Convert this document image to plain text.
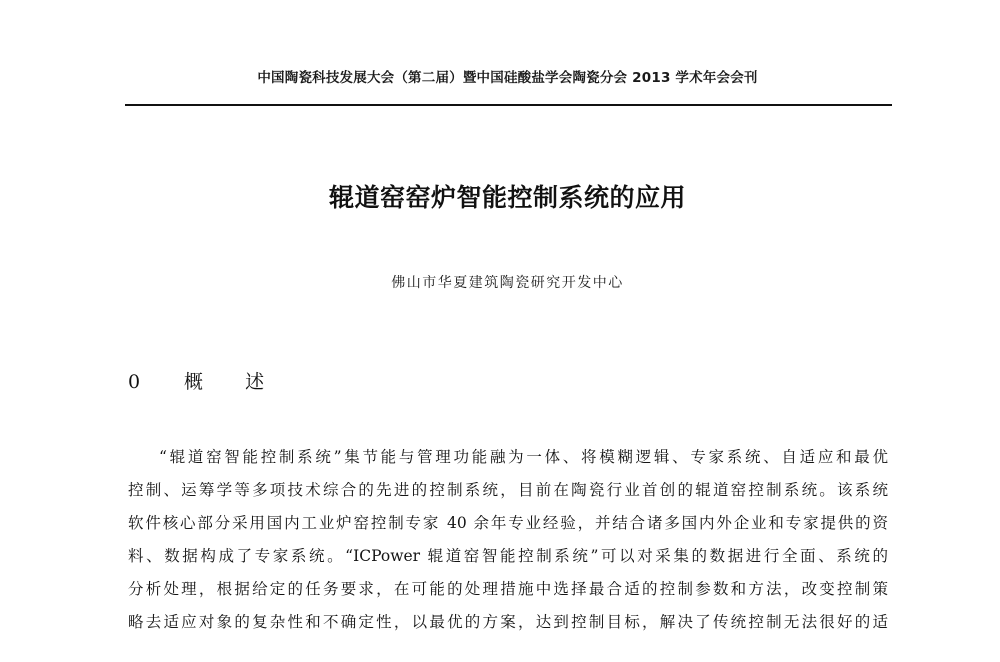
中国陶瓷科技发展大会（第二届）暨中国硅酸盐学会陶瓷分会 2013 学术年会会刊
辊道窑窑炉智能控制系统的应用
佛山市华夏建筑陶瓷研究开发中心
0 概 述
“辊道窑智能控制系统”集节能与管理功能融为一体、将模糊逻辑、专家系统、自适应和最优
控制、运筹学等多项技术综合的先进的控制系统，目前在陶瓷行业首创的辊道窑控制系统。该系统
软件核心部分采用国内工业炉窑控制专家 40 余年专业经验，并结合诸多国内外企业和专家提供的资
料、数据构成了专家系统。“ICPower 辊道窑智能控制系统”可以对采集的数据进行全面、系统的
分析处理，根据给定的任务要求，在可能的处理措施中选择最合适的控制参数和方法，改变控制策
略去适应对象的复杂性和不确定性，以最优的方案，达到控制目标，解决了传统控制无法很好的适
